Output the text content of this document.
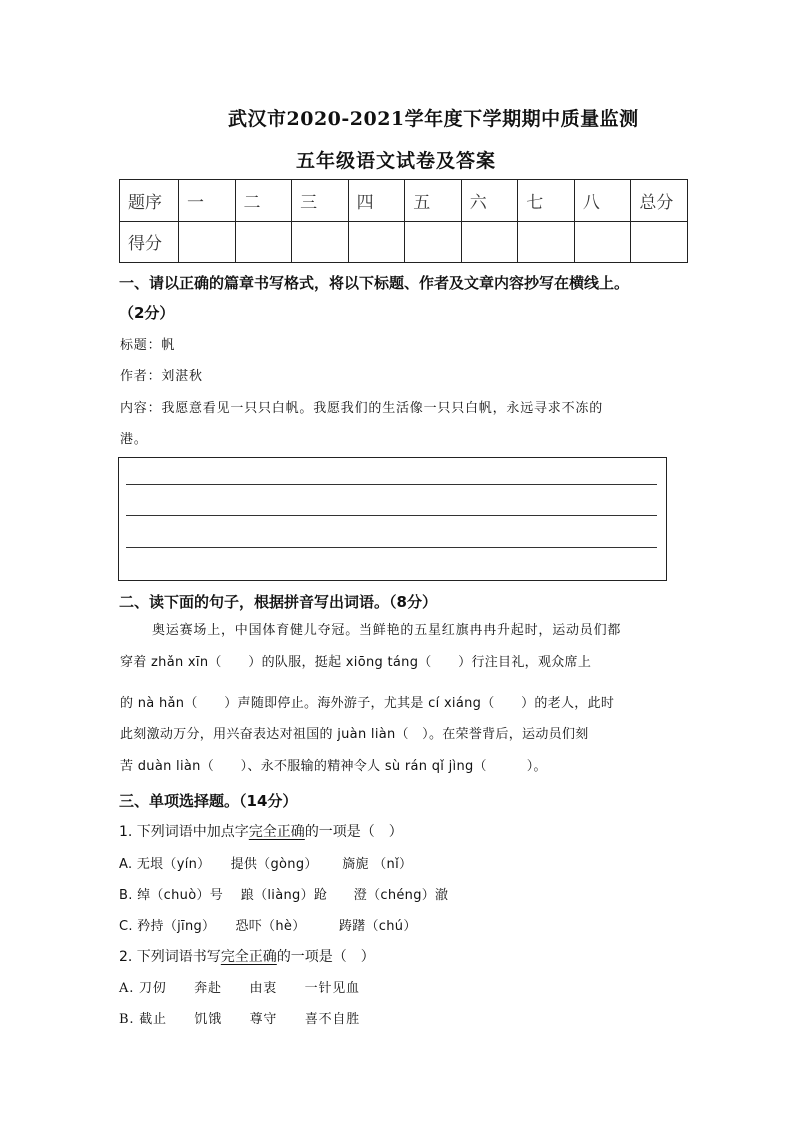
武汉市2020-2021学年度下学期期中质量监测
五年级语文试卷及答案
题序	一	二	三	四	五	六	七	八	总分
得分									
一、请以正确的篇章书写格式，将以下标题、作者及文章内容抄写在横线上。
（2分）
标题：帆
作者：刘湛秋
内容：我愿意看见一只只白帆。我愿我们的生活像一只只白帆，永远寻求不冻的
港。
二、读下面的句子，根据拼音写出词语。（8分）
奥运赛场上，中国体育健儿夺冠。当鲜艳的五星红旗冉冉升起时，运动员们都
穿着 zhǎn xīn（　　）的队服，挺起 xiōng táng（　　）行注目礼，观众席上
的 nà hǎn（　　）声随即停止。海外游子，尤其是 cí xiáng（　　）的老人，此时
此刻激动万分，用兴奋表达对祖国的 juàn liàn（　）。在荣誉背后，运动员们刻
苦 duàn liàn（　　）、永不服输的精神令人 sù rán qǐ jìng（　　　）。
三、单项选择题。（14分）
1. 下列词语中加点字完全正确的一项是（　）
A. 无垠（yín）　　提供（gòng）　　 旖旎 （nǐ）
B. 绰（chuò）号　 踉（liàng）跄　　澄（chéng）澈
C. 矜持（jīng）　　恐吓（hè）　　　踌躇（chú）
2. 下列词语书写完全正确的一项是（　）
A. 刀仞　　奔赴　　由衷　　一针见血
B. 截止　　饥饿　　尊守　　喜不自胜
